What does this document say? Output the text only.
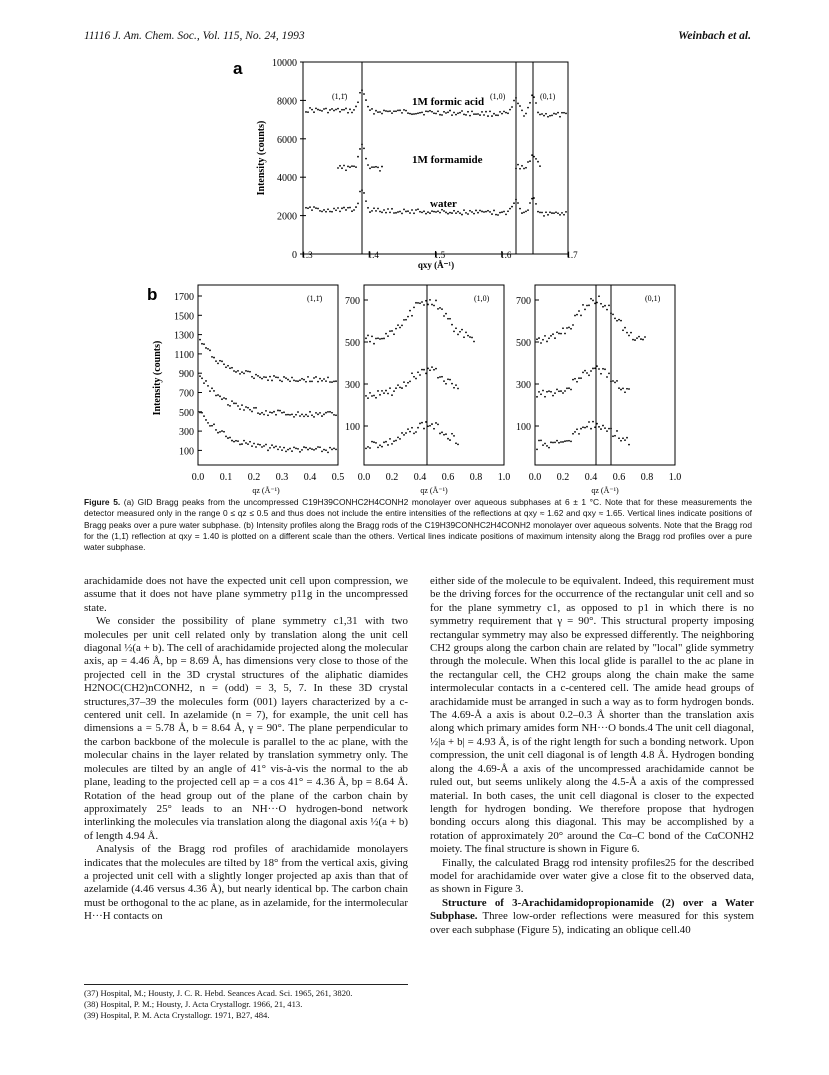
11116 J. Am. Chem. Soc., Vol. 115, No. 24, 1993	Weinbach et al.
a	10000
8000
6000
4000
2000
0 1.3	1.4	1.5	1.6	1.7
Intensity (counts)
qxy (Å⁻¹)
1M formic acid
1M formamide
water
(1,1̄)	(1,0)	(0,1)
b 1700
1500
1300
1100
900
700
500
300
100
700
500
300
100
700
500
300
100
0.0 0.1 0.2 0.3 0.4 0.5 0.0 0.2 0.4 0.6 0.8 1.0 0.0 0.2 0.4 0.6 0.8 1.0
Intensity (counts)
qz (Å⁻¹)	qz (Å⁻¹)	qz (Å⁻¹)
(1,1̄)	(1,0)	(0,1)
Figure 5. (a) GID Bragg peaks from the uncompressed C19H39CONHC2H4CONH2 monolayer over aqueous subphases at 6 ± 1 °C. Note that for these measurements the detector measured only in the range 0 ≤ qz ≤ 0.5 and thus does not include the entire intensities of the reflections at qxy ≈ 1.62 and qxy ≈ 1.65. Vertical lines indicate positions of Bragg peaks over a pure water subphase. (b) Intensity profiles along the Bragg rods of the C19H39CONHC2H4CONH2 monolayer over aqueous solvents. Note that the Bragg rod for the (1,1̄) reflection at qxy = 1.40 is plotted on a different scale than the others. Vertical lines indicate positions of maximum intensity along the Bragg rod profiles over a pure water subphase.

arachidamide does not have the expected unit cell upon compression, we assume that it does not have plane symmetry p11g in the uncompressed state.

We consider the possibility of plane symmetry c1,31 with two molecules per unit cell related only by translation along the unit cell diagonal ½(a + b). The cell of arachidamide projected along the molecular axis, ap = 4.46 Å, bp = 8.69 Å, has dimensions very close to those of the projected cell in the 3D crystal structures of the aliphatic diamides H2NOC(CH2)nCONH2, n = (odd) = 3, 5, 7. In these 3D crystal structures,37–39 the molecules form (001) layers characterized by a c-centered unit cell. In azelamide (n = 7), for example, the unit cell has dimensions a = 5.78 Å, b = 8.64 Å, γ = 90°. The plane perpendicular to the carbon backbone of the molecule is parallel to the ac plane, with the molecular chains in the layer related by translation symmetry only. The molecules are tilted by an angle of 41° vis-à-vis the normal to the ab plane, leading to the projected cell ap = a cos 41° = 4.36 Å, bp = 8.64 Å. Rotation of the head group out of the plane of the carbon chain by approximately 25° leads to an NH···O hydrogen-bond network interlinking the molecules via translation along the diagonal axis ½(a + b) of length 4.94 Å.

Analysis of the Bragg rod profiles of arachidamide monolayers indicates that the molecules are tilted by 18° from the vertical axis, giving a projected unit cell with a slightly longer projected ap axis than that of azelamide (4.46 versus 4.36 Å), but nearly identical bp. The carbon chain must be orthogonal to the ac plane, as in azelamide, for the intermolecular H···H contacts on

(37) Hospital, M.; Housty, J. C. R. Hebd. Seances Acad. Sci. 1965, 261, 3820.
(38) Hospital, P. M.; Housty, J. Acta Crystallogr. 1966, 21, 413.
(39) Hospital, P. M. Acta Crystallogr. 1971, B27, 484.

either side of the molecule to be equivalent. Indeed, this requirement must be the driving forces for the occurrence of the rectangular unit cell and so for the plane symmetry c1, as opposed to p1 in which there is no symmetry requirement that γ = 90°. This structural property imposing rectangular symmetry may also be expressed differently. The neighboring CH2 groups along the carbon chain are related by "local" glide symmetry through the molecule. When this local glide is parallel to the ac plane in the rectangular cell, the CH2 groups along the chain make the same intermolecular contacts in a c-centered cell. The amide head groups of arachidamide must be arranged in such a way as to form hydrogen bonds. The 4.69-Å a axis is about 0.2–0.3 Å shorter than the translation axis along which primary amides form NH···O bonds.4 The unit cell diagonal, ½|a + b| = 4.93 Å, is of the right length for such a bonding network. Upon compression, the unit cell diagonal is of length 4.8 Å. Hydrogen bonding along the 4.69-Å a axis of the uncompressed arachidamide cannot be ruled out, but seems unlikely along the 4.5-Å a axis of the compressed material. In both cases, the unit cell diagonal is closer to the expected length for hydrogen bonding. We therefore propose that hydrogen bonding occurs along this diagonal. This may be accomplished by a rotation of approximately 20° around the Cα–C bond of the CαCONH2 moiety. The final structure is shown in Figure 6.

Finally, the calculated Bragg rod intensity profiles25 for the described model for arachidamide over water give a close fit to the observed data, as shown in Figure 3.

Structure of 3-Arachidamidopropionamide (2) over a Water Subphase. Three low-order reflections were measured for this system over each subphase (Figure 5), indicating an oblique cell.40
